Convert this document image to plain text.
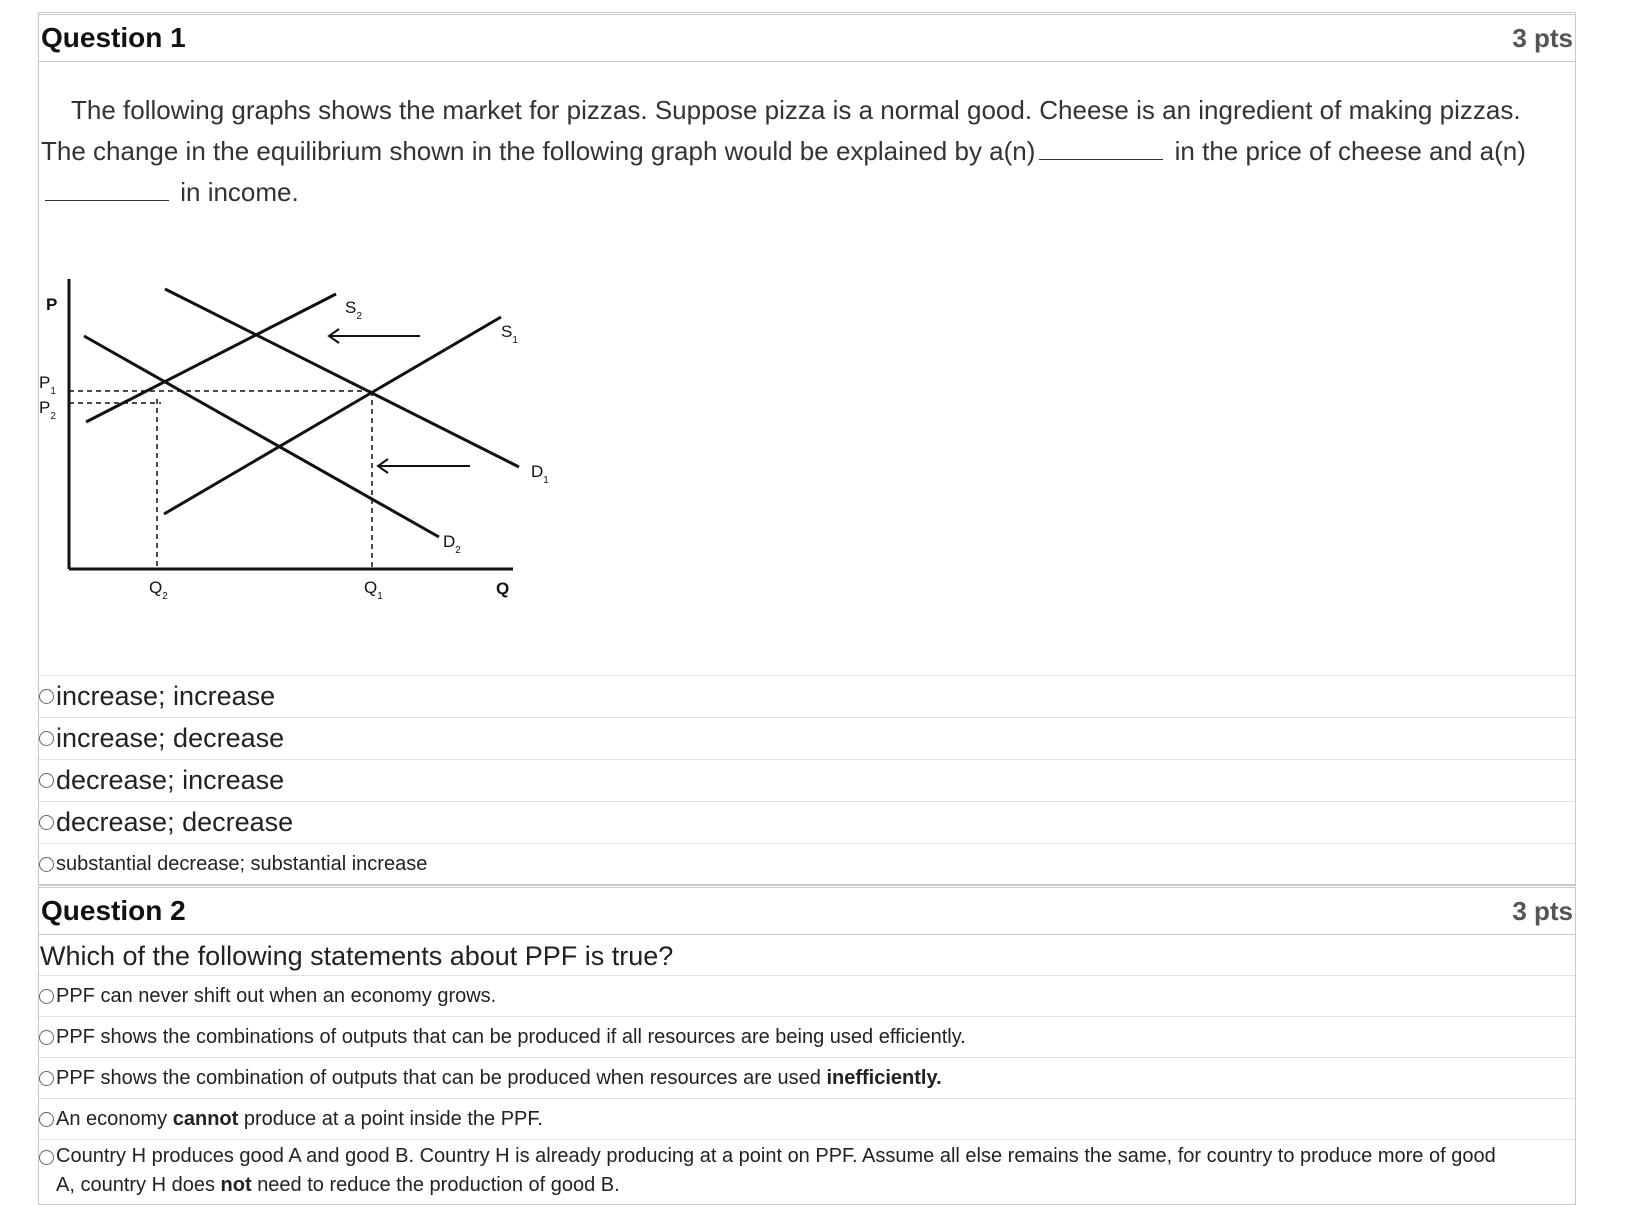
Question 1	3 pts
The following graphs shows the market for pizzas. Suppose pizza is a normal good. Cheese is an ingredient of making pizzas. The change in the equilibrium shown in the following graph would be explained by a(n)	in the price of cheese and a(n) in income.
P
Q
$P_1$
$P_2$
$Q_2$	$Q_1$
$S_2$
$S_1$
$D_1$
$D_2$
increase; increase
increase; decrease
decrease; increase
decrease; decrease
substantial decrease; substantial increase
Question 2	3 pts
Which of the following statements about PPF is true?
PPF can never shift out when an economy grows.
PPF shows the combinations of outputs that can be produced if all resources are being used efficiently.
PPF shows the combination of outputs that can be produced when resources are used inefficiently.
An economy cannot produce at a point inside the PPF.
Country H produces good A and good B. Country H is already producing at a point on PPF. Assume all else remains the same, for country to produce more of good
A, country H does not need to reduce the production of good B.
